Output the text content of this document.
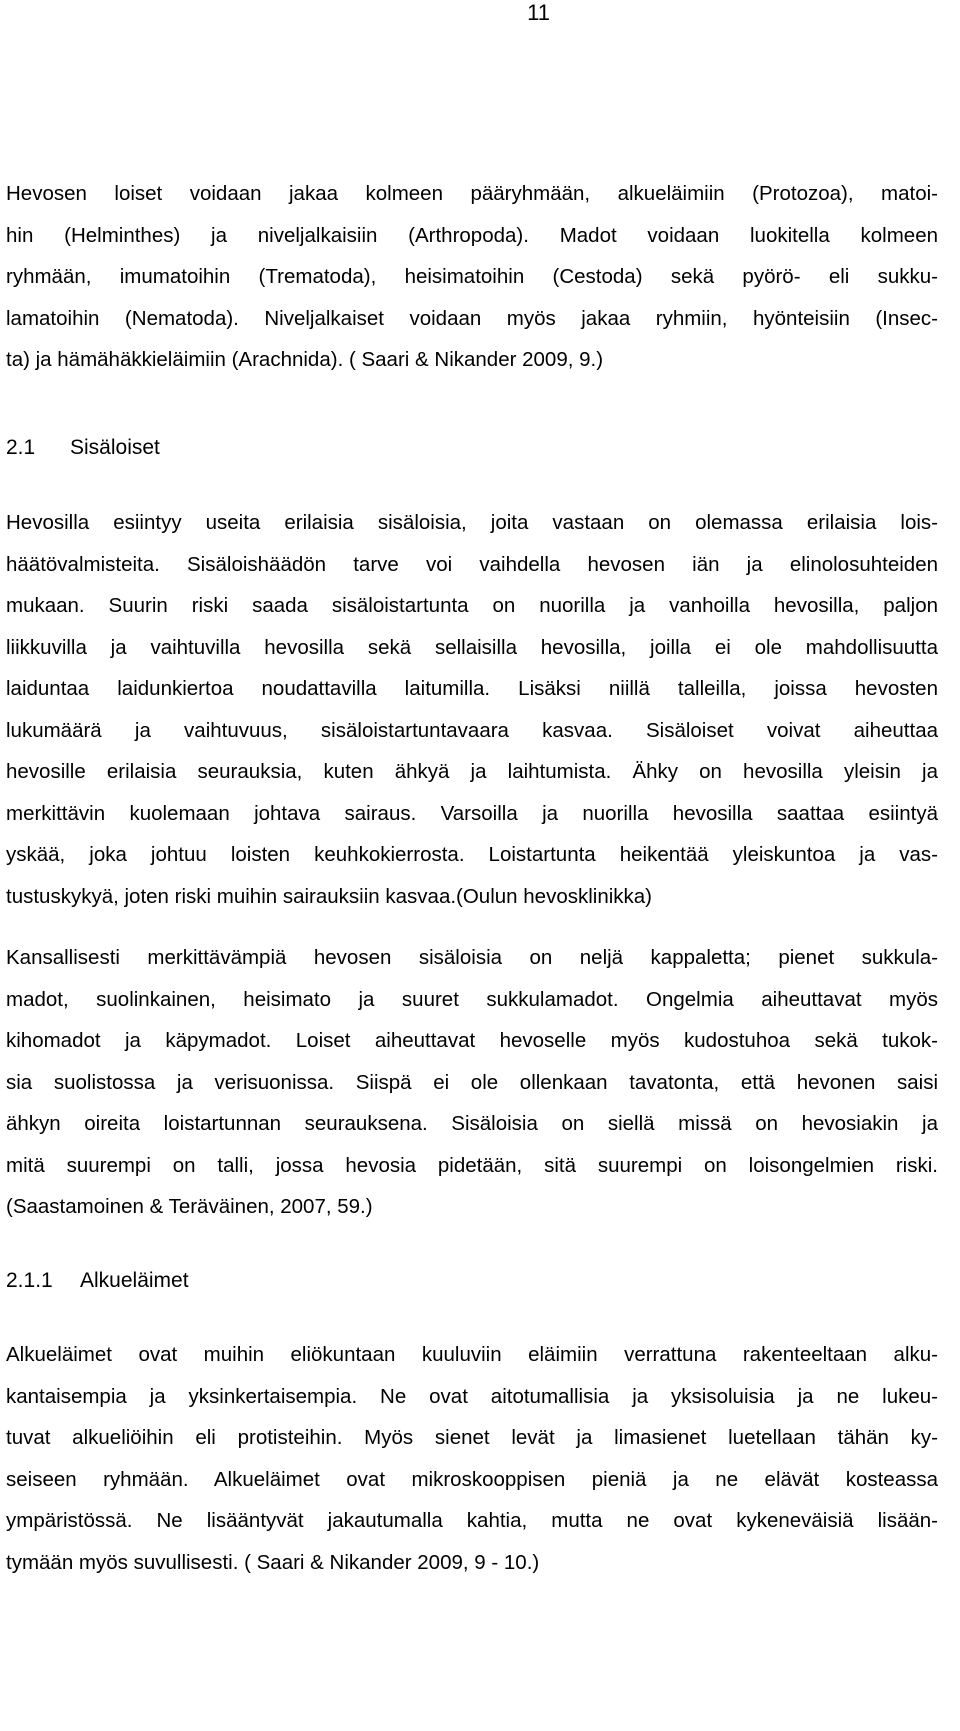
11

Hevosen loiset voidaan jakaa kolmeen pääryhmään, alkueläimiin (Protozoa), matoi-
hin (Helminthes) ja niveljalkaisiin (Arthropoda). Madot voidaan luokitella kolmeen
ryhmään, imumatoihin (Trematoda), heisimatoihin (Cestoda) sekä pyörö- eli sukku-
lamatoihin (Nematoda). Niveljalkaiset voidaan myös jakaa ryhmiin, hyönteisiin (Insec-
ta) ja hämähäkkieläimiin (Arachnida). ( Saari & Nikander 2009, 9.)

2.1 Sisäloiset

Hevosilla esiintyy useita erilaisia sisäloisia, joita vastaan on olemassa erilaisia lois-
häätövalmisteita. Sisäloishäädön tarve voi vaihdella hevosen iän ja elinolosuhteiden
mukaan. Suurin riski saada sisäloistartunta on nuorilla ja vanhoilla hevosilla, paljon
liikkuvilla ja vaihtuvilla hevosilla sekä sellaisilla hevosilla, joilla ei ole mahdollisuutta
laiduntaa laidunkiertoa noudattavilla laitumilla. Lisäksi niillä talleilla, joissa hevosten
lukumäärä ja vaihtuvuus, sisäloistartuntavaara kasvaa. Sisäloiset voivat aiheuttaa
hevosille erilaisia seurauksia, kuten ähkyä ja laihtumista. Ähky on hevosilla yleisin ja
merkittävin kuolemaan johtava sairaus. Varsoilla ja nuorilla hevosilla saattaa esiintyä
yskää, joka johtuu loisten keuhkokierrosta. Loistartunta heikentää yleiskuntoa ja vas-
tustuskykyä, joten riski muihin sairauksiin kasvaa.(Oulun hevosklinikka)

Kansallisesti merkittävämpiä hevosen sisäloisia on neljä kappaletta; pienet sukkula-
madot, suolinkainen, heisimato ja suuret sukkulamadot. Ongelmia aiheuttavat myös
kihomadot ja käpymadot. Loiset aiheuttavat hevoselle myös kudostuhoa sekä tukok-
sia suolistossa ja verisuonissa. Siispä ei ole ollenkaan tavatonta, että hevonen saisi
ähkyn oireita loistartunnan seurauksena. Sisäloisia on siellä missä on hevosiakin ja
mitä suurempi on talli, jossa hevosia pidetään, sitä suurempi on loisongelmien riski.
(Saastamoinen & Teräväinen, 2007, 59.)

2.1.1 Alkueläimet

Alkueläimet ovat muihin eliökuntaan kuuluviin eläimiin verrattuna rakenteeltaan alku-
kantaisempia ja yksinkertaisempia. Ne ovat aitotumallisia ja yksisoluisia ja ne lukeu-
tuvat alkueliöihin eli protisteihin. Myös sienet levät ja limasienet luetellaan tähän ky-
seiseen ryhmään. Alkueläimet ovat mikroskooppisen pieniä ja ne elävät kosteassa
ympäristössä. Ne lisääntyvät jakautumalla kahtia, mutta ne ovat kykeneväisiä lisään-
tymään myös suvullisesti. ( Saari & Nikander 2009, 9 - 10.)
